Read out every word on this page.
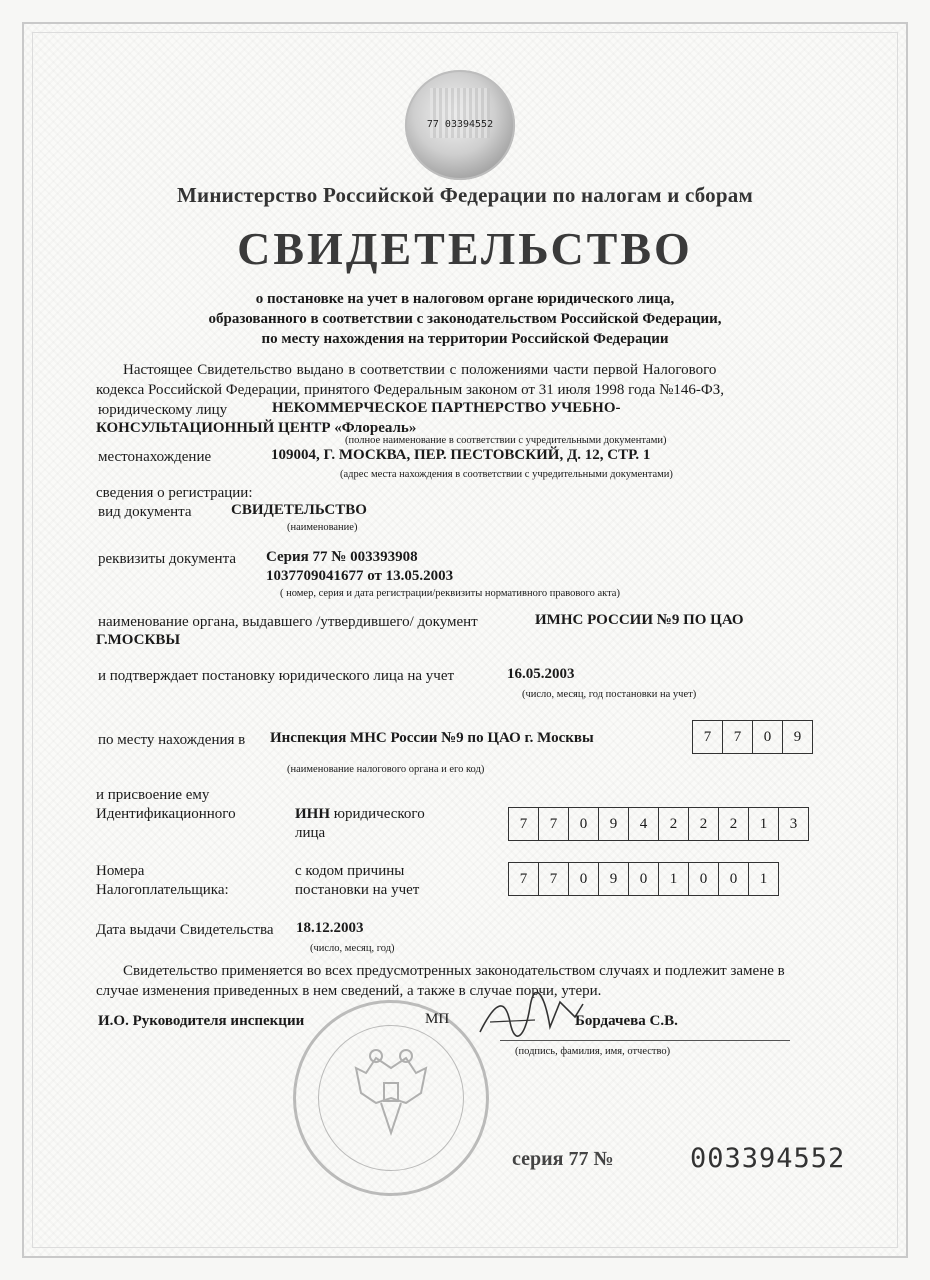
77 03394552
Министерство Российской Федерации по налогам и сборам
СВИДЕТЕЛЬСТВО
о постановке на учет в налоговом органе юридического лица,
образованного в соответствии с законодательством Российской Федерации,
по месту нахождения на территории Российской Федерации
Настоящее Свидетельство выдано в соответствии с положениями части первой Налогового
кодекса Российской Федерации, принятого Федеральным законом от 31 июля 1998 года №146-ФЗ,
юридическому лицу	НЕКОММЕРЧЕСКОЕ ПАРТНЕРСТВО УЧЕБНО-
КОНСУЛЬТАЦИОННЫЙ ЦЕНТР «Флореаль»
(полное наименование в соответствии с учредительными документами)
местонахождение	109004, Г. МОСКВА, ПЕР. ПЕСТОВСКИЙ, Д. 12, СТР. 1
(адрес места нахождения в соответствии с учредительными документами)
сведения о регистрации:
вид документа	СВИДЕТЕЛЬСТВО
(наименование)
реквизиты документа Серия 77 № 003393908
1037709041677 от 13.05.2003
( номер, серия и дата регистрации/реквизиты нормативного правового акта)
наименование органа, выдавшего /утвердившего/ документ	ИМНС РОССИИ №9 ПО ЦАО
Г.МОСКВЫ
и подтверждает постановку юридического лица на учет	16.05.2003
(число, месяц, год постановки на учет)
по месту нахождения в Инспекция МНС России №9 по ЦАО г. Москвы
(наименование налогового органа и его код)
7	7	0	9
и присвоение ему
Идентификационного	ИНН юридического
лица
7	7	0	9	4	2	2	2	1	3
Номера
Налогоплательщика:
с кодом причины
постановки на учет
7	7	0	9	0	1	0	0	1
Дата выдачи Свидетельства 18.12.2003
(число, месяц, год)
Свидетельство применяется во всех предусмотренных законодательством случаях и подлежит замене в
случае изменения приведенных в нем сведений, а также в случае порчи, утери.
И.О. Руководителя инспекции	МП	Бордачева С.В.
(подпись, фамилия, имя, отчество)
серия 77 №	003394552
